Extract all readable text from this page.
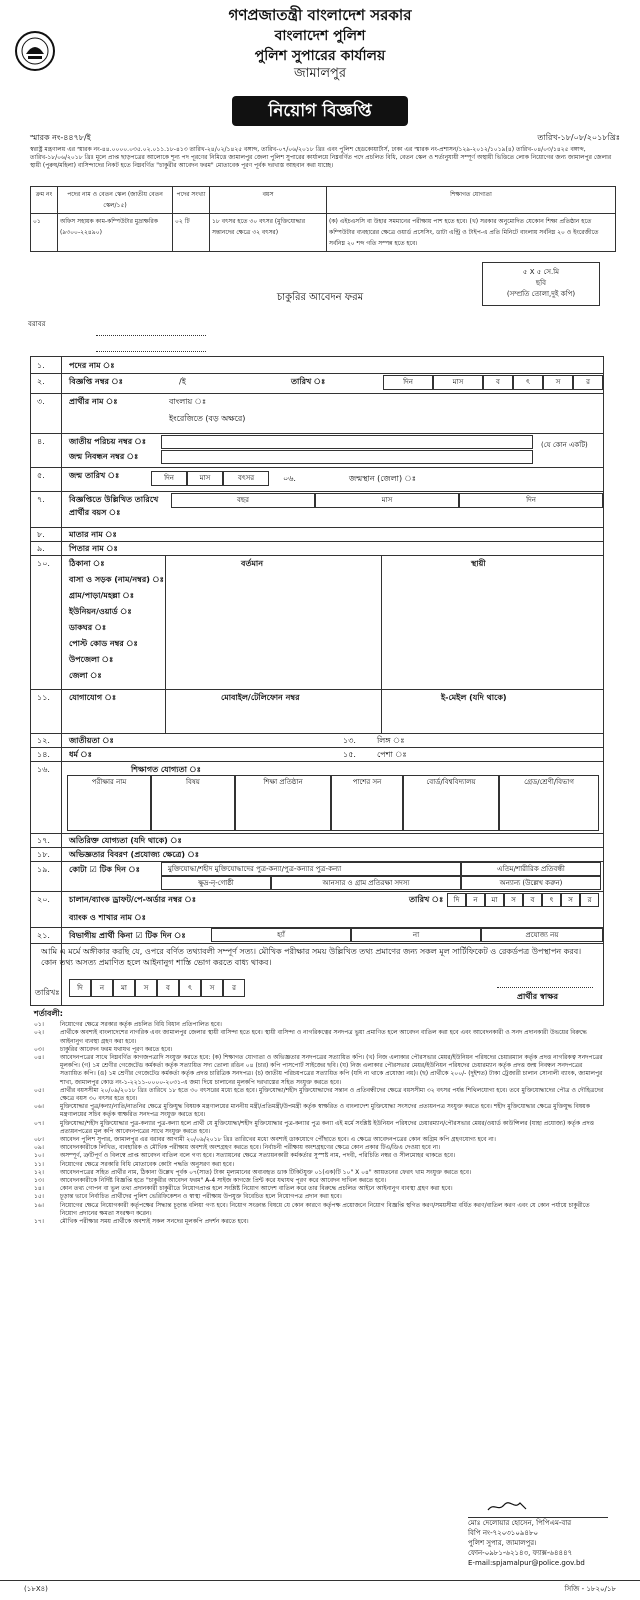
গণপ্রজাতন্ত্রী বাংলাদেশ সরকার
বাংলাদেশ পুলিশ
পুলিশ সুপারের কার্যালয়
জামালপুর
নিয়োগ বিজ্ঞপ্তি
স্মারক নং-৪৪৭৮/ই	তারিখ-১৮/০৮/২০১৮খ্রিঃ
স্বরাষ্ট্র মন্ত্রণালয় এর স্মারক নং-৪৪.০০০০.০৩৫.০২.০১১.১৮-৪১৩ তারিখ-২৪/০২/১৪২৫ বঙ্গাব্দ, তারিখ-০৭/০৬/২০১৮ খ্রিঃ এবং পুলিশ হেডকোয়ার্টার্স, ঢাকা এর স্মারক নং-প্রশাসন/১২৯-২০১২/১০১৯(৪) তারিখ-০৪/০৩/১৪২৫ বঙ্গাব্দ, তারিখ-১৮/০৬/২০১৮ খ্রিঃ মূলে প্রাপ্ত ছাড়পত্রের আলোকে শূন্য পদ পূরণের নিমিত্তে জামালপুর জেলা পুলিশ সুপারের কার্যালয়ে নিম্নবর্ণিত পদে প্রচলিত বিধি, বেতন স্কেল ও শর্তানুযায়ী সম্পূর্ণ অস্থায়ী ভিত্তিতে লোক নিয়োগের জন্য জামালপুর জেলার স্থায়ী (পুরুষ/মহিলা) বাসিন্দাদের নিকট হতে নিম্নবর্ণিত "চাকুরীর আবেদন ফরম" মোতাবেক পূরণ পূর্বক দরখাস্ত আহবান করা যাচ্ছে।
ক্রম নং	পদের নাম ও বেতন স্কেল (জাতীয় বেতন স্কেল/১৫)	পদের সংখ্যা	বয়স	শিক্ষাগত যোগ্যতা
০১	অফিস সহায়ক কাম-কম্পিউটার মুদ্রাক্ষরিক (৯৩০০-২২৪৯০)	০২ টি	১৮ বৎসর হতে ৩০ বৎসর (মুক্তিযোদ্ধার সন্তানদের ক্ষেত্রে ৩২ বৎসর)	(ক) এইচএসসি বা উহার সমমানের পরীক্ষায় পাশ হতে হবে। (খ) সরকার অনুমোদিত যেকোন শিক্ষা প্রতিষ্ঠান হতে কম্পিউটার ব্যবহারের ক্ষেত্রে ওয়ার্ড প্রসেসিং, ডাটা এন্ট্রি ও টাইপ-এ প্রতি মিনিটে বাংলায় সর্বনিম্ন ২০ ও ইংরেজীতে সর্বনিম্ন ২০ শব্দ গতি সম্পন্ন হতে হবে।
৫ X ৫ সে.মি
ছবি
(সম্প্রতি তোলা,দুই কপি)
চাকুরির আবেদন ফরম
বরাবর
১.	পদের নাম ঃ
২.	বিজ্ঞপ্তি নম্বর ঃ	/ই	তারিখ ঃ	দিন	মাস	ব	ৎ	স	র
৩.	প্রার্থীর নাম ঃ	বাংলায় ঃ
ইংরেজিতে (বড় অক্ষরে)
৪.	জাতীয় পরিচয় নম্বর ঃ
জন্ম নিবন্ধন নম্বর ঃ
(যে কোন একটি)
৫.	জন্ম তারিখ ঃ	দিন	মাস	বৎসর	০৬.	জন্মস্থান (জেলা) ঃ
৭.	বিজ্ঞপ্তিতে উল্লিখিত তারিখে প্রার্থীর বয়স ঃ
বছর	মাস	দিন
৮.	মাতার নাম ঃ
৯.	পিতার নাম ঃ
১০. ঠিকানা ঃ	বর্তমান	স্থায়ী
বাসা ও সড়ক (নাম/নম্বর) ঃ
গ্রাম/পাড়া/মহল্লা ঃ
ইউনিয়ন/ওয়ার্ড ঃ
ডাকঘর ঃ
পোস্ট কোড নম্বর ঃ
উপজেলা ঃ
জেলা ঃ
১১. যোগাযোগ ঃ	মোবাইল/টেলিফোন নম্বর	ই-মেইল (যদি থাকে)
১২. জাতীয়তা ঃ	১৩.	লিঙ্গ ঃ
১৪. ধর্ম ঃ	১৫.	পেশা ঃ
১৬.	শিক্ষাগত যোগ্যতা ঃ
পরীক্ষার নাম	বিষয়	শিক্ষা প্রতিষ্ঠান	পাশের সন	বোর্ড/বিশ্ববিদ্যালয়	গ্রেড/শ্রেণী/বিভাগ
১৭. অতিরিক্ত যোগ্যতা (যদি থাকে) ঃ
১৮. অভিজ্ঞতার বিবরণ (প্রযোজ্য ক্ষেত্রে) ঃ
১৯. কোটা ☑ টিক দিন ঃ	মুক্তিযোদ্ধা/শহীদ মুক্তিযোদ্ধাদের পুত্র-কন্যা/পুত্র-কন্যার পুত্র-কন্যা	এতিম/শারীরিক প্রতিবন্ধী
ক্ষুদ্র-নৃ-গোষ্ঠী	আনসার ও গ্রাম প্রতিরক্ষা সদস্য	অন্যান্য (উল্লেখ করুন)
২০. চালান/ব্যাংক ড্রাফট/পে-অর্ডার নম্বর ঃ	তারিখ ঃ	দি	ন	মা	স	ব	ৎ	স	র
ব্যাংক ও শাখার নাম ঃ
২১. বিভাগীয় প্রার্থী কিনা ☑ টিক দিন ঃ	হ্যাঁ	না	প্রযোজ্য নয়

আমি এ মর্মে অঙ্গীকার করছি যে, ওপরে বর্ণিত তথ্যাবলী সম্পূর্ণ সত্য। মৌখিক পরীক্ষার সময় উল্লিখিত তথ্য প্রমাণের জন্য সকল মূল সার্টিফিকেট ও রেকর্ডপত্র উপস্থাপন করব। কোন তথ্য অসত্য প্রমাণিত হলে আইনানুগ শাস্তি ভোগ করতে বাধ্য থাকব।

তারিখঃ	দি	ন	মা	স	ব	ৎ	স	র
প্রার্থীর স্বাক্ষর
শর্তাবলী:
০১।	নিয়োগের ক্ষেত্রে সরকার কর্তৃক প্রচলিত বিধি বিধান প্রতিপালিত হবে।
০২।	প্রার্থীকে অবশ্যই বাংলাদেশের নাগরিক এবং জামালপুর জেলার স্থায়ী বাসিন্দা হতে হবে। স্থায়ী বাসিন্দা ও নাগরিকত্বের সনদপত্র ভুয়া প্রমাণিত হলে আবেদন বাতিল করা হবে এবং আবেদনকারী ও সনদ প্রদানকারী উভয়ের বিরুদ্ধে আইনানুগ ব্যবস্থা গ্রহণ করা হবে।
০৩।	চাকুরির আবেদন ফরম যথাযথ পূরণ করতে হবে।
০৪।	আবেদনপত্রের সাথে নিম্নবর্ণিত কাগজপত্রাদি সংযুক্ত করতে হবে: (ক) শিক্ষাগত যোগ্যতা ও অভিজ্ঞতার সনদপত্রের সত্যায়িত কপি। (খ) নিজ এলাকার পৌরসভার মেয়র/ইউনিয়ন পরিষদের চেয়ারম্যান কর্তৃক প্রদত্ত নাগরিকত্ব সনদপত্রের মূলকপি। (গ) ১ম শ্রেণীর গেজেটেড কর্মকর্তা কর্তৃক সত্যায়িত সদ্য তোলা রঙিন ০৪ (চার) কপি পাসপোর্ট সাইজের ছবি। (ঘ) নিজ এলাকার পৌরসভার মেয়র/ইউনিয়ন পরিষদের চেয়ারম্যান কর্তৃক প্রদত্ত জন্ম নিবন্ধন সনদপত্রের সত্যায়িত কপি। (ঙ) ১ম শ্রেণীর গেজেটেড কর্মকর্তা কর্তৃক প্রদত্ত চারিত্রিক সনদপত্র। (চ) জাতীয় পরিচয়পত্রের সত্যায়িত কপি (যদি না থাকে প্রযোজ্য নয়)। (ছ) প্রার্থীকে ২০০/- (দুইশত) টাকা ট্রেজারী চালান সোনালী ব্যাংক, জামালপুর শাখা, জামালপুর কোড নং-১-২২১১-০০০০-২০৩১-এ জমা দিয়ে চালানের মূলকপি দরখাস্তের সহিত সংযুক্ত করতে হবে।
০৫।	প্রার্থীর বয়সসীমা ২০/০৯/২০১৮ খ্রিঃ তারিখে ১৮ হতে ৩০ বৎসরের মধ্যে হতে হবে। মুক্তিযোদ্ধা/শহীদ মুক্তিযোদ্ধাদের সন্তান ও প্রতিবন্ধীদের ক্ষেত্রে বয়সসীমা ৩২ বৎসর পর্যন্ত শিথিলযোগ্য হবে। তবে মুক্তিযোদ্ধাদের পৌত্র ও দৌহিত্রদের ক্ষেত্রে বয়স ৩০ বৎসর হতে হবে।
০৬।	মুক্তিযোদ্ধার পুত্র/কন্যা/নাতি/নাতনির ক্ষেত্রে মুক্তিযুদ্ধ বিষয়ক মন্ত্রণালয়ের মাননীয় মন্ত্রী/প্রতিমন্ত্রী/উপমন্ত্রী কর্তৃক স্বাক্ষরিত ও বাংলাদেশ মুক্তিযোদ্ধা সংসদের প্রত্যয়নপত্র সংযুক্ত করতে হবে। শহীদ মুক্তিযোদ্ধার ক্ষেত্রে মুক্তিযুদ্ধ বিষয়ক মন্ত্রণালয়ের সচিব কর্তৃক স্বাক্ষরিত সনদপত্র সংযুক্ত করতে হবে।
০৭।	মুক্তিযোদ্ধা/শহীদ মুক্তিযোদ্ধার পুত্র-কন্যার পুত্র-কন্যা হলে প্রার্থী যে মুক্তিযোদ্ধা/শহীদ মুক্তিযোদ্ধার পুত্র-কন্যার পুত্র কন্যা এই মর্মে সংশ্লিষ্ট ইউনিয়ন পরিষদের চেয়ারম্যান/পৌরসভার মেয়র/ওয়ার্ড কাউন্সিলর (যাহা প্রযোজ্য) কর্তৃক প্রদত্ত প্রত্যয়নপত্রের মূল কপি আবেদনপত্রের সাথে সংযুক্ত করতে হবে।
০৮।	আবেদন পুলিশ সুপার, জামালপুর এর বরাবর আগামী ২০/০৯/২০১৮ খ্রিঃ তারিখের মধ্যে অবশ্যই ডাকযোগে পৌঁছাতে হবে। এ ক্ষেত্রে আবেদনপত্রের কোন অগ্রিম কপি গ্রহণযোগ্য হবে না।
০৯।	আবেদনকারীকে লিখিত, ব্যবহারিক ও মৌখিক পরীক্ষায় অবশ্যই অংশগ্রহণ করতে হবে। নির্বাচনী পরীক্ষায় অংশগ্রহণের ক্ষেত্রে কোন প্রকার টিএ/ডিএ দেওয়া হবে না।
১০।	অসম্পূর্ণ, ত্রুটিপূর্ণ ও বিলম্বে প্রাপ্ত আবেদন বাতিল বলে গণ্য হবে। সত্যায়নের ক্ষেত্রে সত্যায়নকারী কর্মকর্তার সুস্পষ্ট নাম, পদবী, পরিচিতি নম্বর ও সীলমোহর থাকতে হবে।
১১।	নিয়োগের ক্ষেত্রে সরকারি বিধি মোতাবেক কোটা পদ্ধতি অনুসরণ করা হবে।
১২।	আবেদনপত্রের সহিত প্রার্থীর নাম, ঠিকানা উল্লেখ পূর্বক ০৭(সাত) টাকা মূল্যমানের অব্যবহৃত ডাক টিকিটযুক্ত ০১(এক)টি ১০" X ০৪" আয়তনের ফেরৎ খাম সংযুক্ত করতে হবে।
১৩।	আবেদনকারীকে নির্দিষ্ট বিজ্ঞপ্তি হতে "চাকুরীর আবেদন ফরম" A-4 সাইজ কাগজে প্রিন্ট করে যথাযথ পূরণ করে আবেদন দাখিল করতে হবে।
১৪।	কোন তথ্য গোপন বা ভুল তথ্য প্রদানকারী চাকুরীতে নিয়োগপ্রাপ্ত হলে সংশ্লিষ্ট নিয়োগ আদেশ বাতিল করে তার বিরুদ্ধে প্রচলিত আইনে আইনানুগ ব্যবস্থা গ্রহণ করা হবে।
১৫।	চূড়ান্ত ভাবে নির্বাচিত প্রার্থীদের পুলিশ ভেরিফিকেশন ও স্বাস্থ্য পরীক্ষায় উপযুক্ত বিবেচিত হলে নিয়োগপত্র প্রদান করা হবে।
১৬।	নিয়োগের ক্ষেত্রে নিয়োগকারী কর্তৃপক্ষের সিদ্ধান্ত চূড়ান্ত বলিয়া গণ্য হবে। নিয়োগ সংক্রান্ত বিষয়ে যে কোন কারণে কর্তৃপক্ষ প্রয়োজনে নিয়োগ বিজ্ঞপ্তি স্থগিত করণ/সময়সীমা বর্ধিত করণ/বাতিল করণ এবং যে কোন পর্যায়ে চাকুরীতে নিয়োগ প্রদানের ক্ষমতা সংরক্ষণ করেন।
১৭।	মৌখিক পরীক্ষার সময় প্রার্থীকে অবশ্যই সকল সনদের মূলকপি প্রদর্শন করতে হবে।
মোঃ দেলোয়ার হোসেন, পিপিএম-বার
বিপি নং-৭২০৩১০৯৪৮০
পুলিশ সুপার, জামালপুর।
ফোন-০৯৮১-৬২১৪৩, ফ্যাক্স-৬৪৪৪৭
E-mail:spjamalpur@police.gov.bd
(১৮X৪)	সিজি - ১৮২০/১৮
